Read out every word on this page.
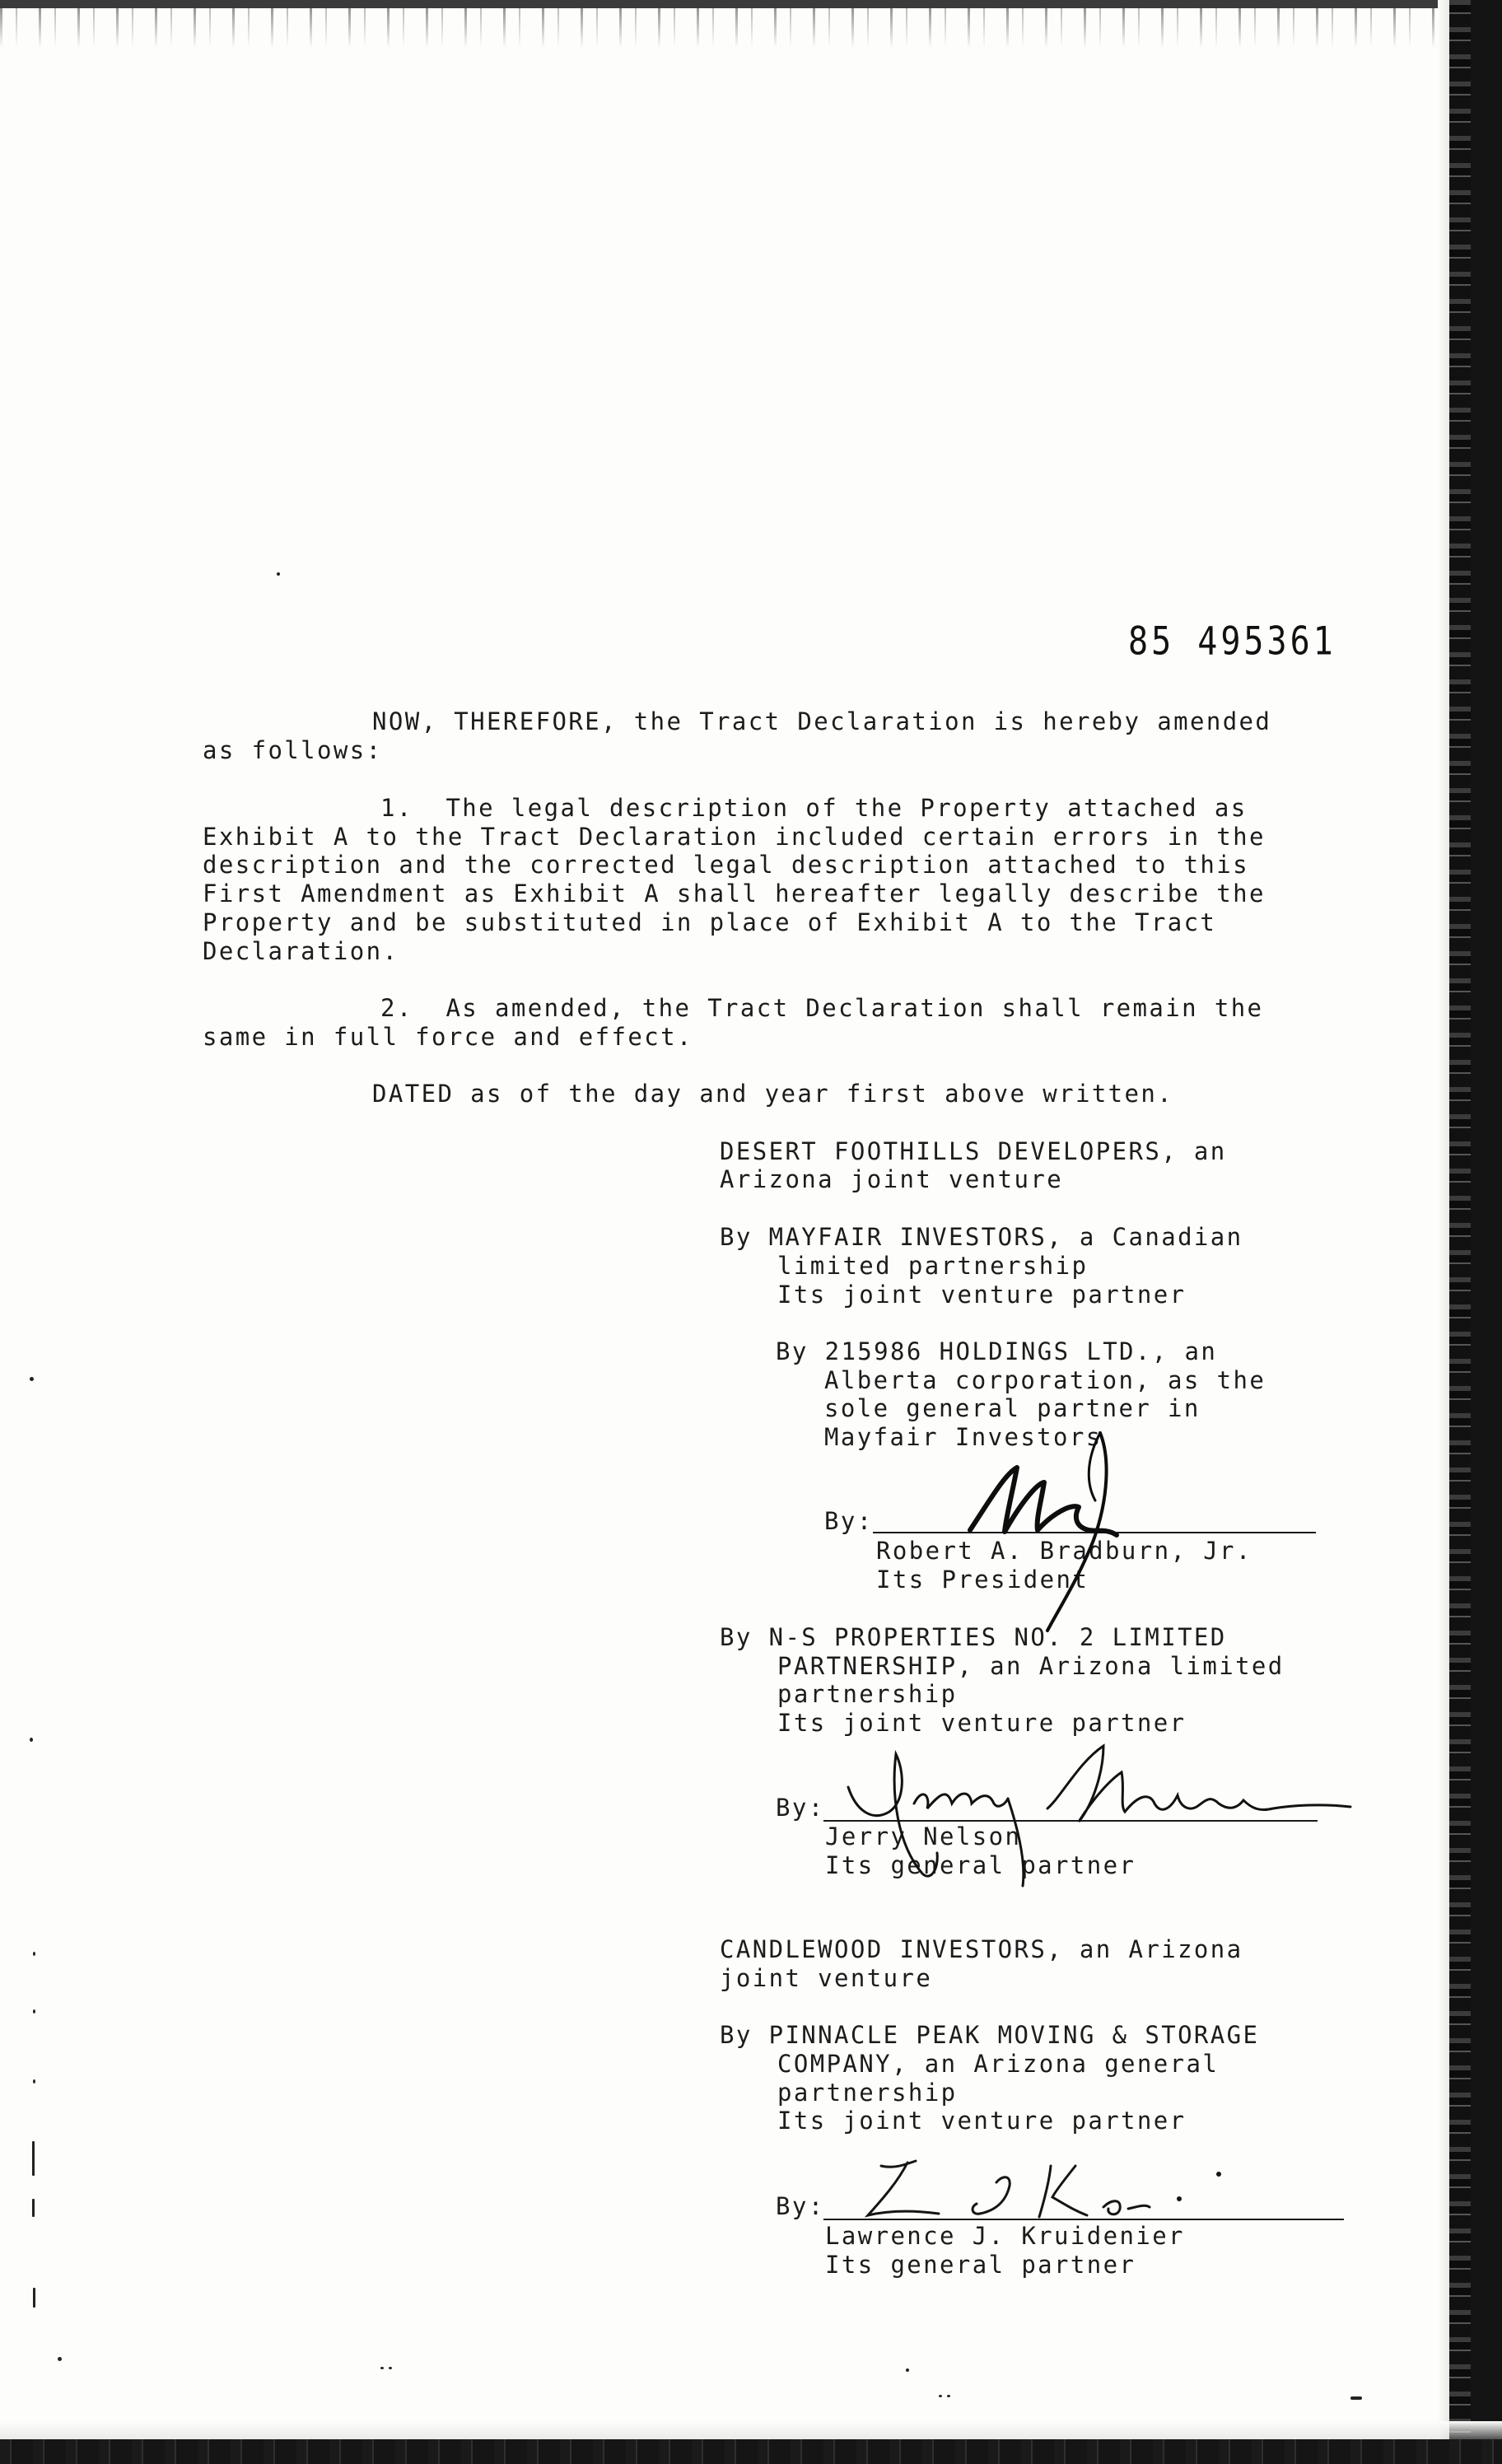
85 495361
NOW, THEREFORE, the Tract Declaration is hereby amended
as follows:
1.  The legal description of the Property attached as
Exhibit A to the Tract Declaration included certain errors in the
description and the corrected legal description attached to this
First Amendment as Exhibit A shall hereafter legally describe the
Property and be substituted in place of Exhibit A to the Tract
Declaration.
2.  As amended, the Tract Declaration shall remain the
same in full force and effect.
DATED as of the day and year first above written.
DESERT FOOTHILLS DEVELOPERS, an
Arizona joint venture
By MAYFAIR INVESTORS, a Canadian
limited partnership
Its joint venture partner
By 215986 HOLDINGS LTD., an
Alberta corporation, as the
sole general partner in
Mayfair Investors
By:
Robert A. Bradburn, Jr.
Its President
By N-S PROPERTIES NO. 2 LIMITED
PARTNERSHIP, an Arizona limited
partnership
Its joint venture partner
By:
Jerry Nelson
Its general partner
CANDLEWOOD INVESTORS, an Arizona
joint venture
By PINNACLE PEAK MOVING & STORAGE
COMPANY, an Arizona general
partnership
Its joint venture partner
By:
Lawrence J. Kruidenier
Its general partner
